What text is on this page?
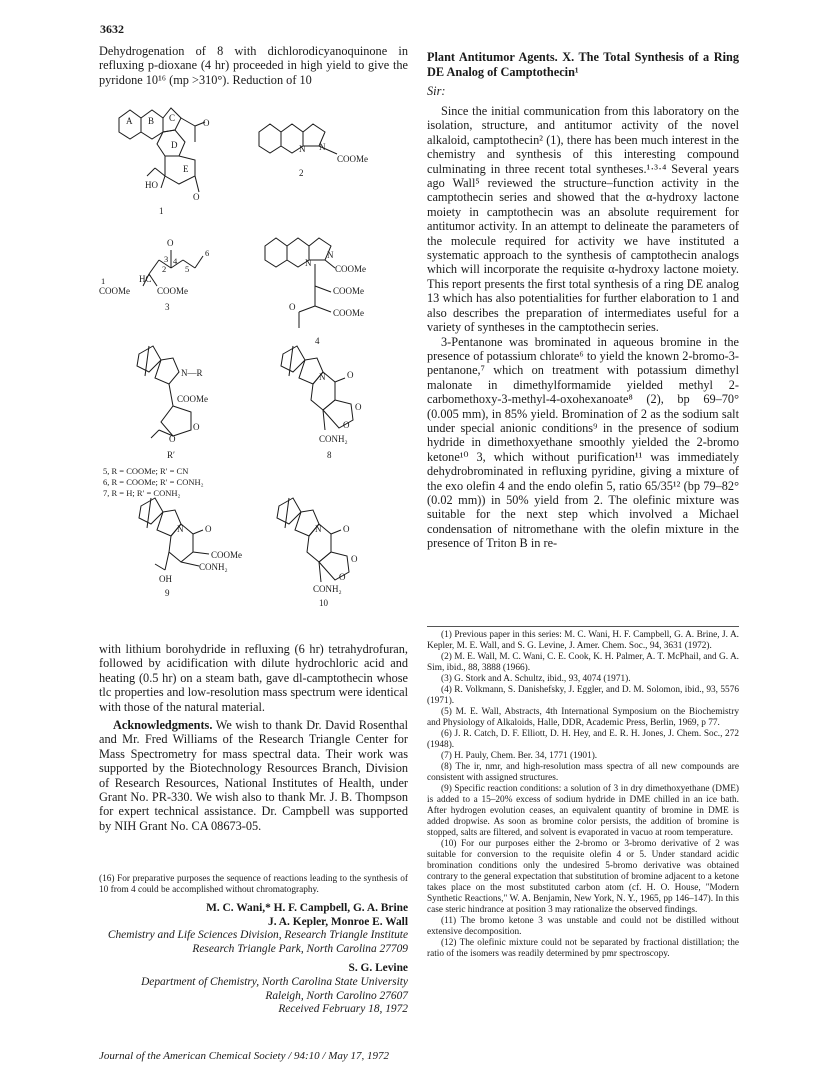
3632
Dehydrogenation of 8 with dichlorodicyanoquinone in refluxing p-dioxane (4 hr) proceeded in high yield to give the pyridone 10¹⁶ (mp >310°). Reduction of 10
A B C
D
E
O
O
HO
1
N N
COOMe
2
O
HC
COOMe	COOMe
3
1
2
3 4
5
6
N
N
COOMe
COOMe
COOMe
O
4
N—R
COOMe
O
O
R′
5, R = COOMe; R′ = CN
6, R = COOMe; R′ = CONH₂
7, R = H; R′ = CONH₂
N O
O
O
CONH₂
8
N O
COOMe
CONH₂
OH
9
N O
O
O
CONH₂
10
with lithium borohydride in refluxing (6 hr) tetrahydrofuran, followed by acidification with dilute hydrochloric acid and heating (0.5 hr) on a steam bath, gave dl-camptothecin whose tlc properties and low-resolution mass spectrum were identical with those of the natural material.

Acknowledgments. We wish to thank Dr. David Rosenthal and Mr. Fred Williams of the Research Triangle Center for Mass Spectrometry for mass spectral data. Their work was supported by the Biotechnology Resources Branch, Division of Research Resources, National Institutes of Health, under Grant No. PR-330. We wish also to thank Mr. J. B. Thompson for expert technical assistance. Dr. Campbell was supported by NIH Grant No. CA 08673-05.

(16) For preparative purposes the sequence of reactions leading to the synthesis of 10 from 4 could be accomplished without chromatography.
M. C. Wani,* H. F. Campbell, G. A. Brine
J. A. Kepler, Monroe E. Wall
Chemistry and Life Sciences Division, Research Triangle Institute
Research Triangle Park, North Carolina 27709
S. G. Levine
Department of Chemistry, North Carolina State University
Raleigh, North Carolino 27607
Received February 18, 1972
Plant Antitumor Agents. X. The Total Synthesis of a Ring DE Analog of Camptothecin¹
Sir:

Since the initial communication from this laboratory on the isolation, structure, and antitumor activity of the novel alkaloid, camptothecin² (1), there has been much interest in the chemistry and synthesis of this interesting compound culminating in three recent total syntheses.¹·³·⁴ Several years ago Wall⁵ reviewed the structure–function activity in the camptothecin series and showed that the α-hydroxy lactone moiety in camptothecin was an absolute requirement for antitumor activity. In an attempt to delineate the parameters of the molecule required for activity we have instituted a systematic approach to the synthesis of camptothecin analogs which will incorporate the requisite α-hydroxy lactone moiety. This report presents the first total synthesis of a ring DE analog 13 which has also potentialities for further elaboration to 1 and also describes the preparation of intermediates useful for a variety of syntheses in the camptothecin series.

3-Pentanone was brominated in aqueous bromine in the presence of potassium chlorate⁶ to yield the known 2-bromo-3-pentanone,⁷ which on treatment with potassium dimethyl malonate in dimethylformamide yielded methyl 2-carbomethoxy-3-methyl-4-oxohexanoate⁸ (2), bp 69–70° (0.005 mm), in 85% yield. Bromination of 2 as the sodium salt under special anionic conditions⁹ in the presence of sodium hydride in dimethoxyethane smoothly yielded the 2-bromo ketone¹⁰ 3, which without purification¹¹ was immediately dehydrobrominated in refluxing pyridine, giving a mixture of the exo olefin 4 and the endo olefin 5, ratio 65/35¹² (bp 79–82° (0.02 mm)) in 50% yield from 2. The olefinic mixture was suitable for the next step which involved a Michael condensation of nitromethane with the olefin mixture in the presence of Triton B in re-

(1) Previous paper in this series: M. C. Wani, H. F. Campbell, G. A. Brine, J. A. Kepler, M. E. Wall, and S. G. Levine, J. Amer. Chem. Soc., 94, 3631 (1972).

(2) M. E. Wall, M. C. Wani, C. E. Cook, K. H. Palmer, A. T. McPhail, and G. A. Sim, ibid., 88, 3888 (1966).

(3) G. Stork and A. Schultz, ibid., 93, 4074 (1971).

(4) R. Volkmann, S. Danishefsky, J. Eggler, and D. M. Solomon, ibid., 93, 5576 (1971).

(5) M. E. Wall, Abstracts, 4th International Symposium on the Biochemistry and Physiology of Alkaloids, Halle, DDR, Academic Press, Berlin, 1969, p 77.

(6) J. R. Catch, D. F. Elliott, D. H. Hey, and E. R. H. Jones, J. Chem. Soc., 272 (1948).

(7) H. Pauly, Chem. Ber. 34, 1771 (1901).

(8) The ir, nmr, and high-resolution mass spectra of all new compounds are consistent with assigned structures.

(9) Specific reaction conditions: a solution of 3 in dry dimethoxyethane (DME) is added to a 15–20% excess of sodium hydride in DME chilled in an ice bath. After hydrogen evolution ceases, an equivalent quantity of bromine in DME is added dropwise. As soon as bromine color persists, the addition of bromine is stopped, salts are filtered, and solvent is evaporated in vacuo at room temperature.

(10) For our purposes either the 2-bromo or 3-bromo derivative of 2 was suitable for conversion to the requisite olefin 4 or 5. Under standard acidic bromination conditions only the undesired 5-bromo derivative was obtained contrary to the general expectation that substitution of bromine adjacent to a ketone takes place on the most substituted carbon atom (cf. H. O. House, "Modern Synthetic Reactions," W. A. Benjamin, New York, N. Y., 1965, pp 146–147). In this case steric hindrance at position 3 may rationalize the observed findings.

(11) The bromo ketone 3 was unstable and could not be distilled without extensive decomposition.

(12) The olefinic mixture could not be separated by fractional distillation; the ratio of the isomers was readily determined by pmr spectroscopy.

Journal of the American Chemical Society / 94:10 / May 17, 1972
